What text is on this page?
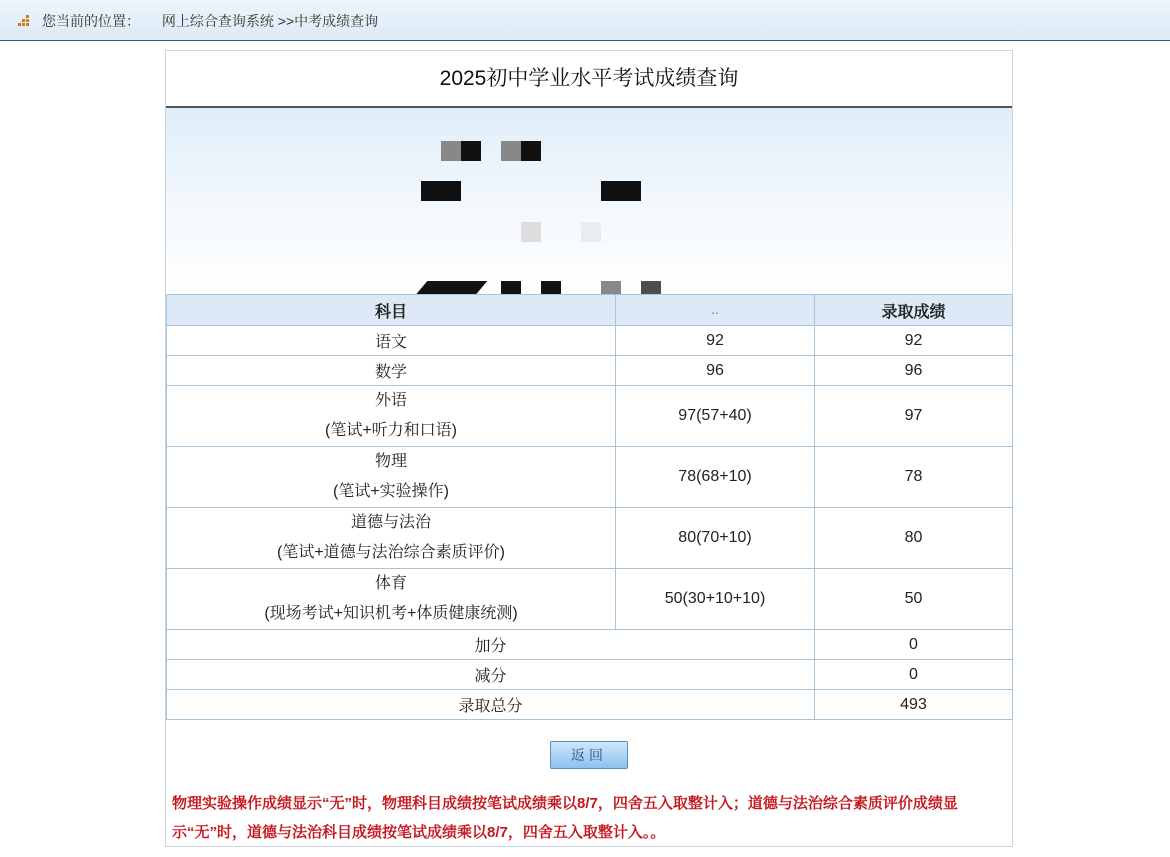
您当前的位置： 网上综合查询系统 >>中考成绩查询
2025初中学业水平考试成绩查询
科目	‥	录取成绩
语文	92	92
数学	96	96

外语
(笔试+听力和口语)	97(57+40)	97

物理
(笔试+实验操作)	78(68+10)	78

道德与法治
(笔试+道德与法治综合素质评价)	80(70+10)	80

体育
(现场考试+知识机考+体质健康统测)	50(30+10+10)	50
加分		0
减分		0
录取总分		493
返回
物理实验操作成绩显示“无”时，物理科目成绩按笔试成绩乘以8/7，四舍五入取整计入；道德与法治综合素质评价成绩显示“无”时，道德与法治科目成绩按笔试成绩乘以8/7，四舍五入取整计入。。
